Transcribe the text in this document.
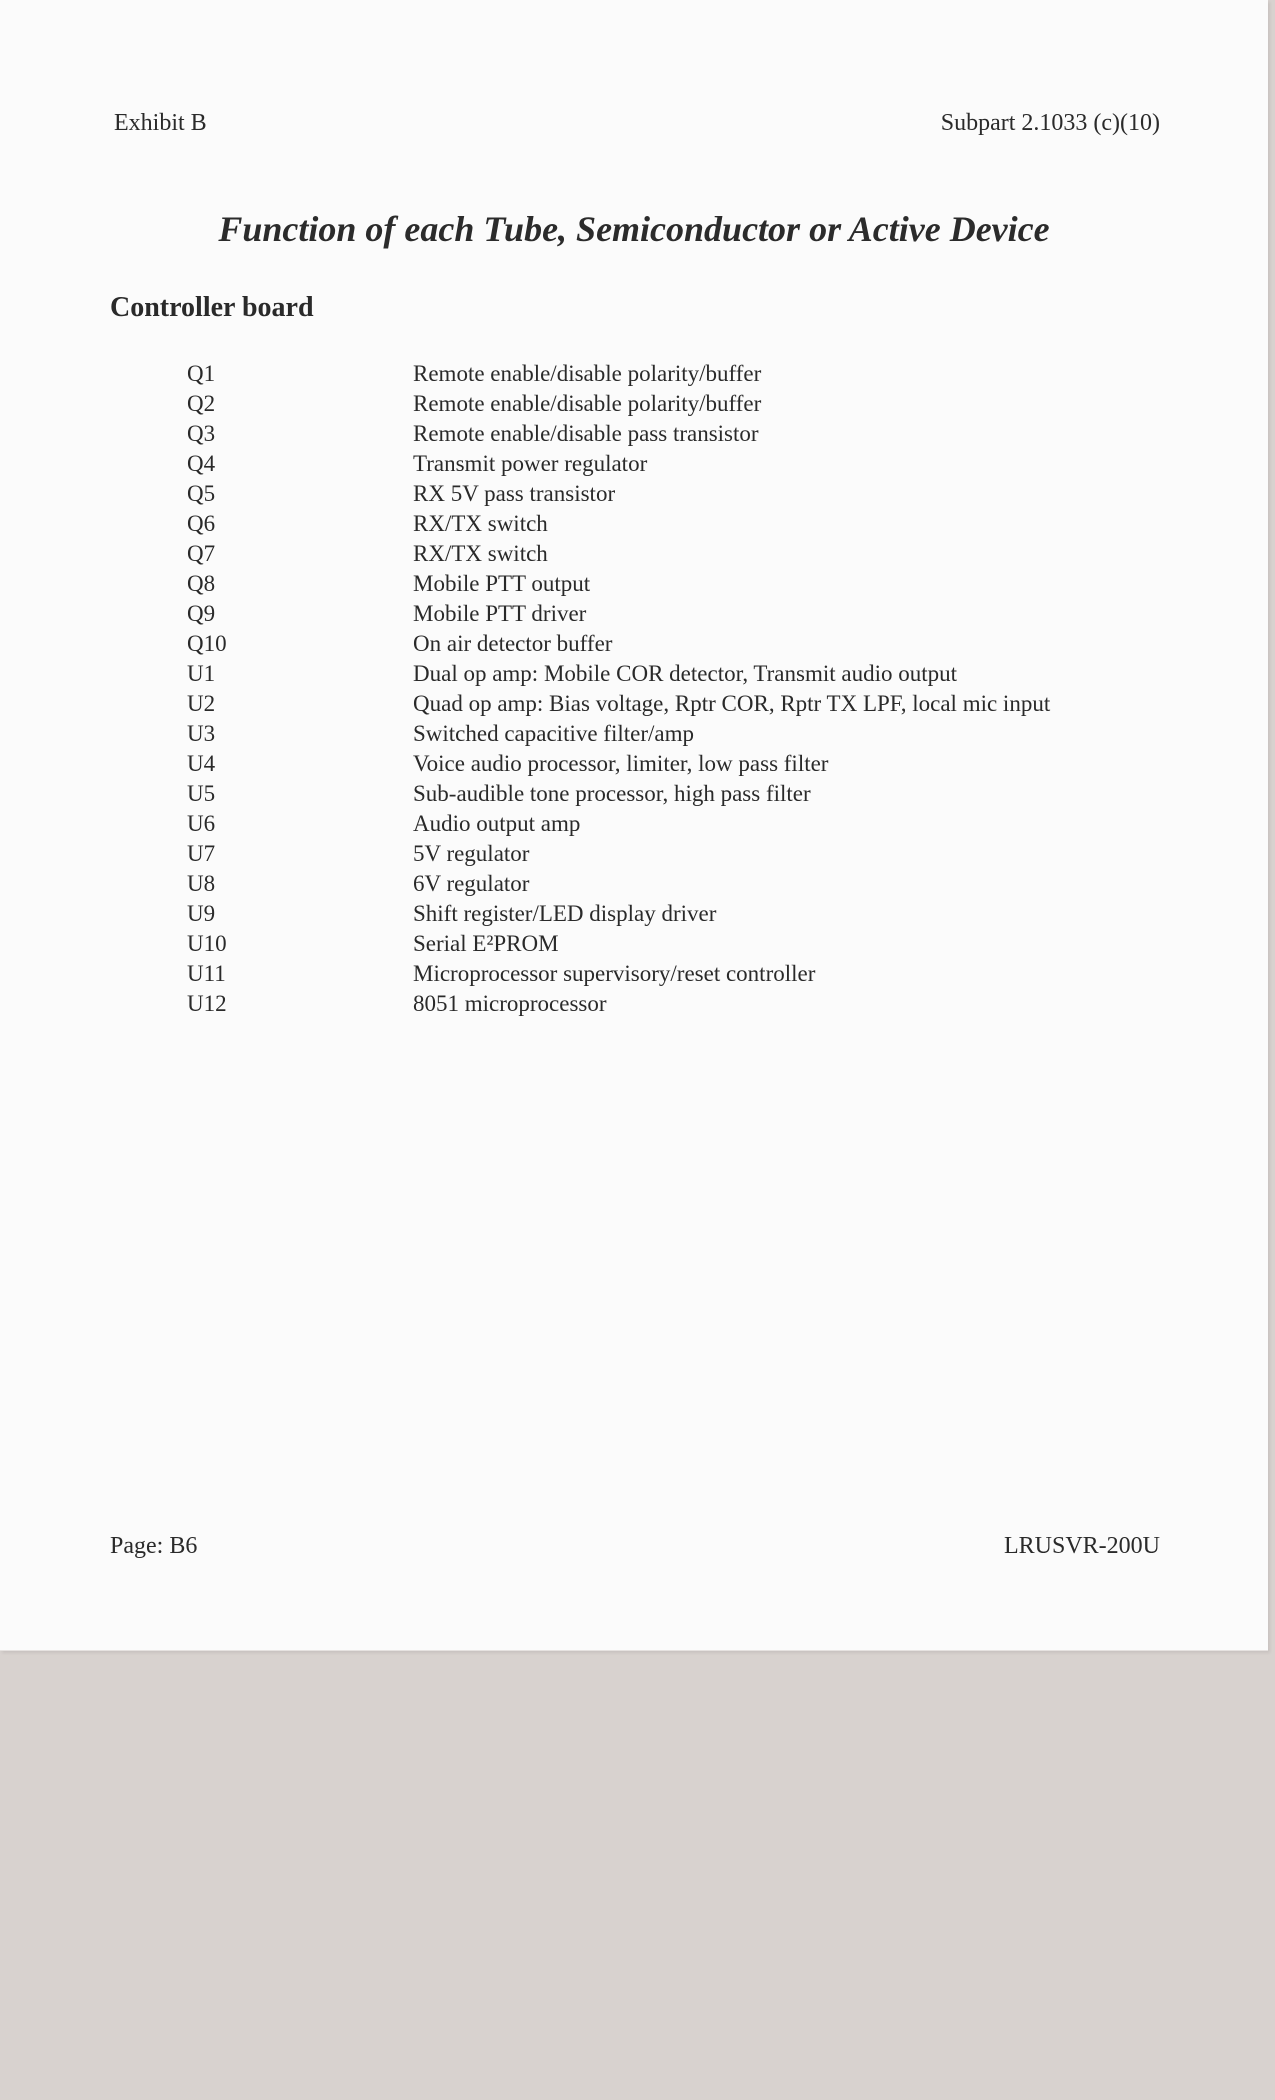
Exhibit B	Subpart 2.1033 (c)(10)
Function of each Tube, Semiconductor or Active Device
Controller board
Q1	Remote enable/disable polarity/buffer
Q2	Remote enable/disable polarity/buffer
Q3	Remote enable/disable pass transistor
Q4	Transmit power regulator
Q5	RX 5V pass transistor
Q6	RX/TX switch
Q7	RX/TX switch
Q8	Mobile PTT output
Q9	Mobile PTT driver
Q10	On air detector buffer
U1	Dual op amp: Mobile COR detector, Transmit audio output
U2	Quad op amp: Bias voltage, Rptr COR, Rptr TX LPF, local mic input
U3	Switched capacitive filter/amp
U4	Voice audio processor, limiter, low pass filter
U5	Sub-audible tone processor, high pass filter
U6	Audio output amp
U7	5V regulator
U8	6V regulator
U9	Shift register/LED display driver
U10	Serial E²PROM
U11	Microprocessor supervisory/reset controller
U12	8051 microprocessor
Page: B6	LRUSVR-200U
